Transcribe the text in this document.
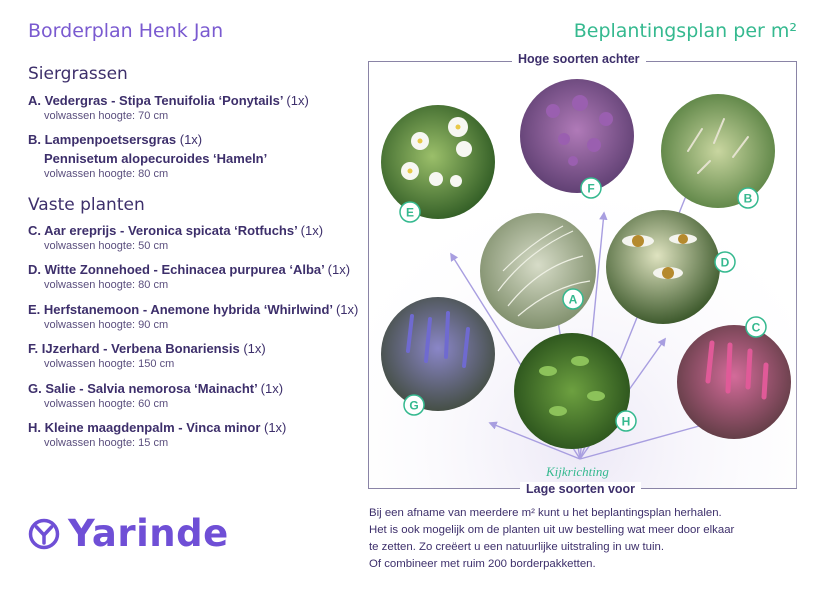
Borderplan Henk Jan	Beplantingsplan per m²
Siergrassen
A. Vedergras - Stipa Tenuifolia ‘Ponytails’ (1x)
volwassen hoogte: 70 cm
B. Lampenpoetsersgras (1x)
Pennisetum alopecuroides ‘Hameln’
volwassen hoogte: 80 cm
Vaste planten
C. Aar ereprijs - Veronica spicata ‘Rotfuchs’ (1x)
volwassen hoogte: 50 cm
D. Witte Zonnehoed - Echinacea purpurea ‘Alba’ (1x)
volwassen hoogte: 80 cm
E. Herfstanemoon - Anemone hybrida ‘Whirlwind’ (1x)
volwassen hoogte: 90 cm
F. IJzerhard - Verbena Bonariensis (1x)
volwassen hoogte: 150 cm
G. Salie - Salvia nemorosa ‘Mainacht’ (1x)
volwassen hoogte: 60 cm
H. Kleine maagdenpalm - Vinca minor (1x)
volwassen hoogte: 15 cm
Yarinde
E
F
B
A
D
G
H
C
Hoge soorten achter
Kijkrichting
Lage soorten voor
Bij een afname van meerdere m² kunt u het beplantingsplan herhalen.
Het is ook mogelijk om de planten uit uw bestelling wat meer door elkaar
te zetten. Zo creëert u een natuurlijke uitstraling in uw tuin.
Of combineer met ruim 200 borderpakketten.
